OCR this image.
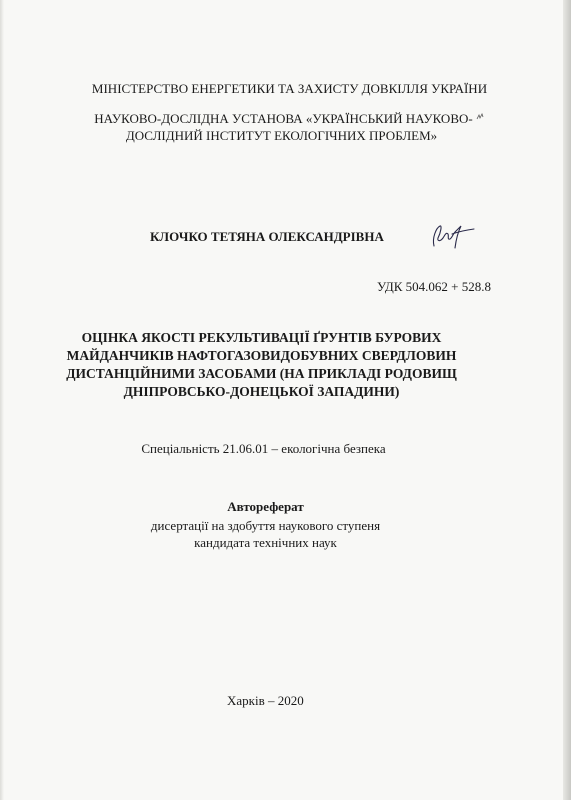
МІНІСТЕРСТВО ЕНЕРГЕТИКИ ТА ЗАХИСТУ ДОВКІЛЛЯ УКРАЇНИ
НАУКОВО-ДОСЛІДНА УСТАНОВА «УКРАЇНСЬКИЙ НАУКОВО-
ДОСЛІДНИЙ ІНСТИТУТ ЕКОЛОГІЧНИХ ПРОБЛЕМ»
КЛОЧКО ТЕТЯНА ОЛЕКСАНДРІВНА
УДК 504.062 + 528.8
ОЦІНКА ЯКОСТІ РЕКУЛЬТИВАЦІЇ ҐРУНТІВ БУРОВИХ
МАЙДАНЧИКІВ НАФТОГАЗОВИДОБУВНИХ СВЕРДЛОВИН
ДИСТАНЦІЙНИМИ ЗАСОБАМИ (НА ПРИКЛАДІ РОДОВИЩ
ДНІПРОВСЬКО-ДОНЕЦЬКОЇ ЗАПАДИНИ)
Спеціальність 21.06.01 – екологічна безпека
Автореферат
дисертації на здобуття наукового ступеня
кандидата технічних наук
Харків – 2020
